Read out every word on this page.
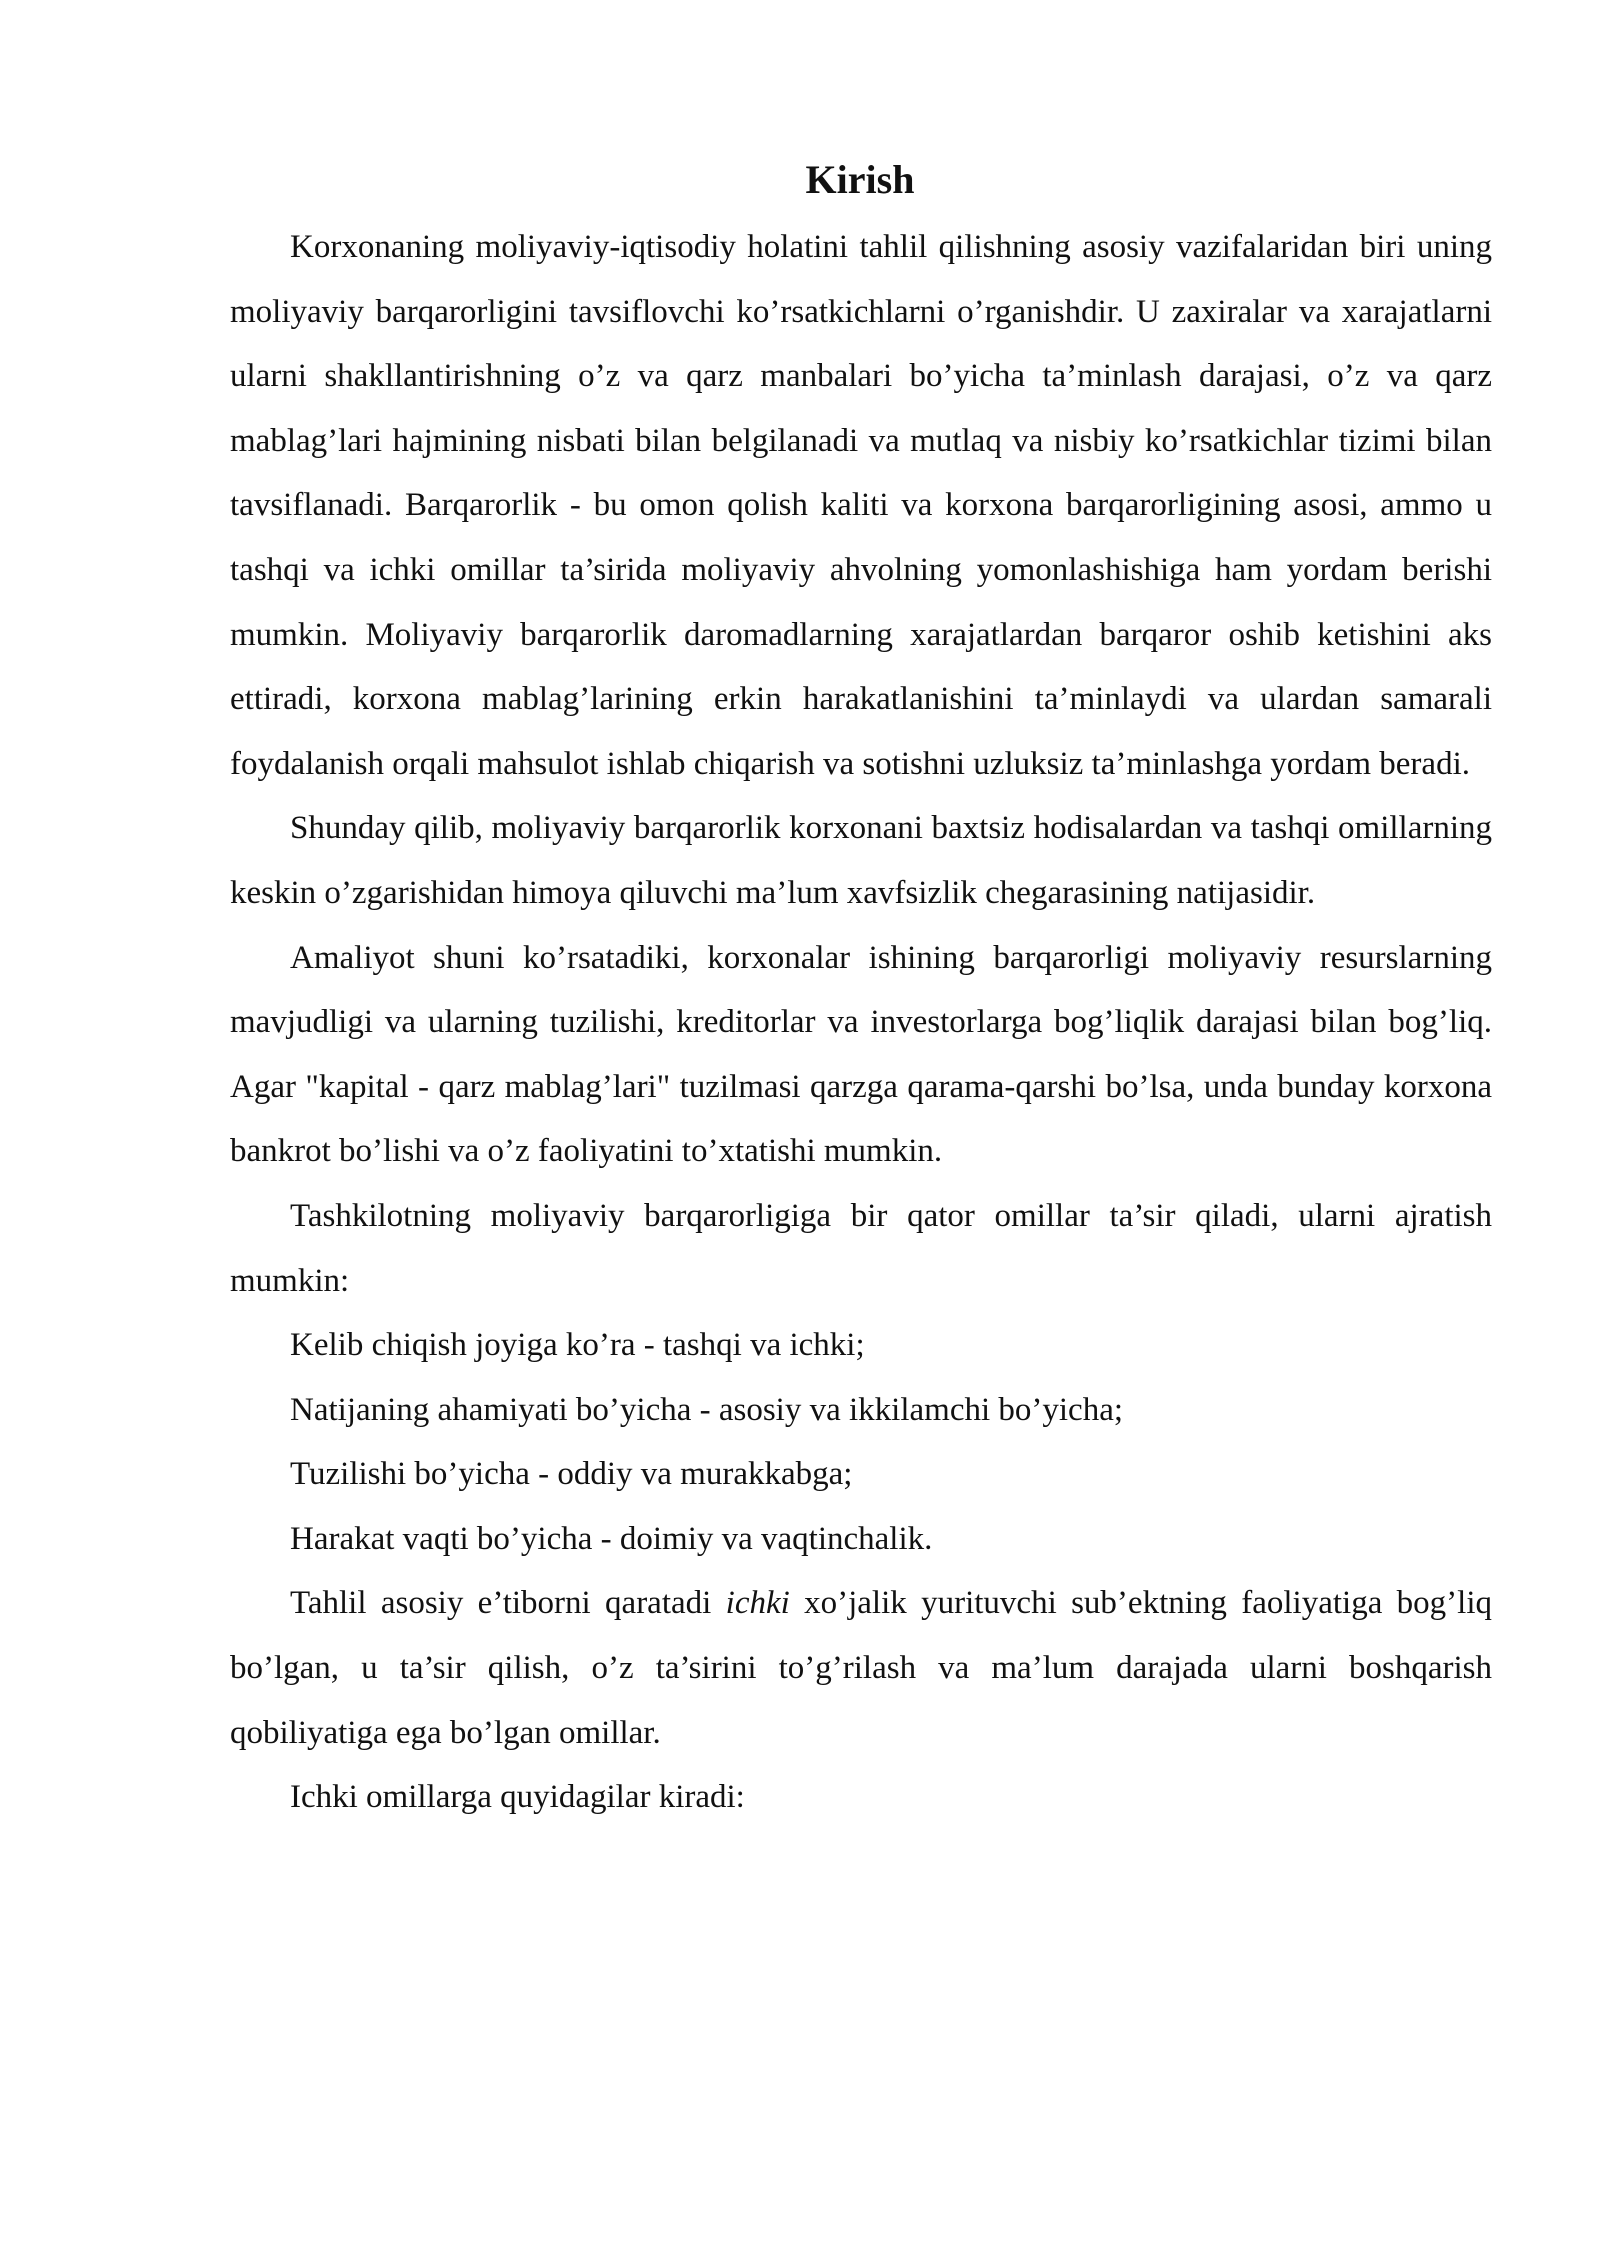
Kirish

Korxonaning moliyaviy-iqtisodiy holatini tahlil qilishning asosiy vazifalaridan biri uning moliyaviy barqarorligini tavsiflovchi ko’rsatkichlarni o’rganishdir. U zaxiralar va xarajatlarni ularni shakllantirishning o’z va qarz manbalari bo’yicha ta’minlash darajasi, o’z va qarz mablag’lari hajmining nisbati bilan belgilanadi va mutlaq va nisbiy ko’rsatkichlar tizimi bilan tavsiflanadi. Barqarorlik - bu omon qolish kaliti va korxona barqarorligining asosi, ammo u tashqi va ichki omillar ta’sirida moliyaviy ahvolning yomonlashishiga ham yordam berishi mumkin. Moliyaviy barqarorlik daromadlarning xarajatlardan barqaror oshib ketishini aks ettiradi, korxona mablag’larining erkin harakatlanishini ta’minlaydi va ulardan samarali foydalanish orqali mahsulot ishlab chiqarish va sotishni uzluksiz ta’minlashga yordam beradi.

Shunday qilib, moliyaviy barqarorlik korxonani baxtsiz hodisalardan va tashqi omillarning keskin o’zgarishidan himoya qiluvchi ma’lum xavfsizlik chegarasining natijasidir.

Amaliyot shuni ko’rsatadiki, korxonalar ishining barqarorligi moliyaviy resurslarning mavjudligi va ularning tuzilishi, kreditorlar va investorlarga bog’liqlik darajasi bilan bog’liq. Agar "kapital - qarz mablag’lari" tuzilmasi qarzga qarama-qarshi bo’lsa, unda bunday korxona bankrot bo’lishi va o’z faoliyatini to’xtatishi mumkin.

Tashkilotning moliyaviy barqarorligiga bir qator omillar ta’sir qiladi, ularni ajratish mumkin:

Kelib chiqish joyiga ko’ra - tashqi va ichki;

Natijaning ahamiyati bo’yicha - asosiy va ikkilamchi bo’yicha;

Tuzilishi bo’yicha - oddiy va murakkabga;

Harakat vaqti bo’yicha - doimiy va vaqtinchalik.

Tahlil asosiy e’tiborni qaratadi ichki xo’jalik yurituvchi sub’ektning faoliyatiga bog’liq bo’lgan, u ta’sir qilish, o’z ta’sirini to’g’rilash va ma’lum darajada ularni boshqarish qobiliyatiga ega bo’lgan omillar.

Ichki omillarga quyidagilar kiradi:
